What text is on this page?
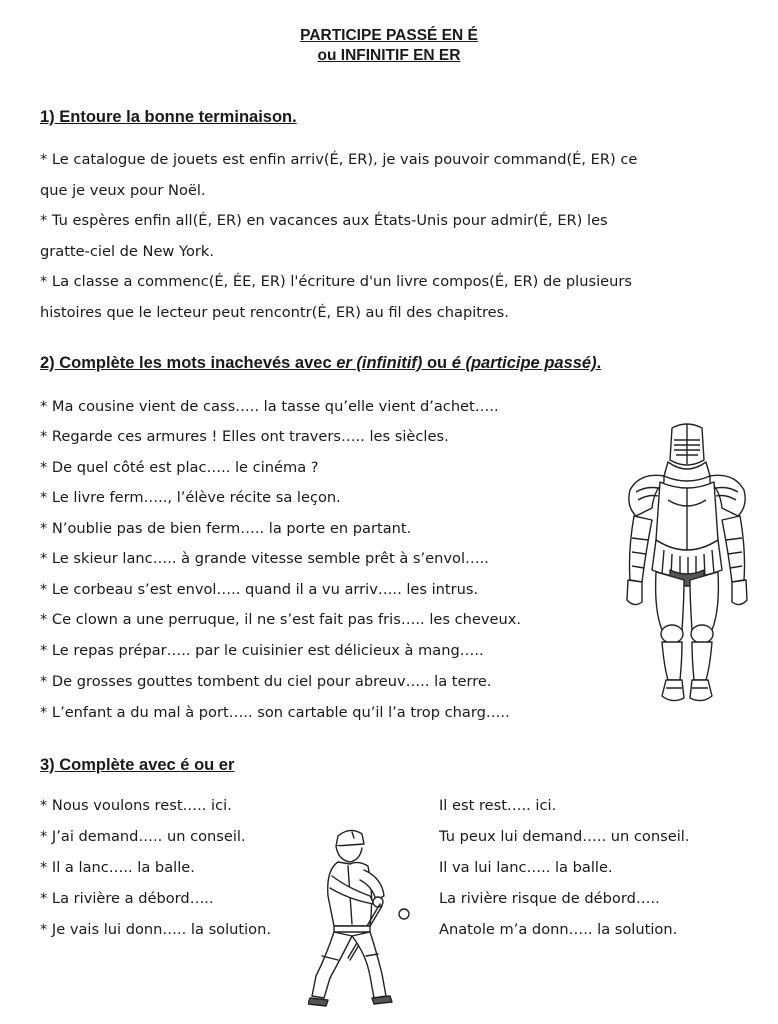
PARTICIPE PASSÉ EN É
ou INFINITIF EN ER
1) Entoure la bonne terminaison.
* Le catalogue de jouets est enfin arriv(É, ER), je vais pouvoir command(É, ER) ce
que je veux pour Noël.
* Tu espères enfin all(É, ER) en vacances aux États-Unis pour admir(É, ER) les
gratte-ciel de New York.
* La classe a commenc(É, ÉE, ER) l'écriture d'un livre compos(É, ER) de plusieurs
histoires que le lecteur peut rencontr(É, ER) au fil des chapitres.
2) Complète les mots inachevés avec er (infinitif) ou é (participe passé).
* Ma cousine vient de cass….. la tasse qu’elle vient d’achet…..
* Regarde ces armures ! Elles ont travers….. les siècles.
* De quel côté est plac….. le cinéma ?
* Le livre ferm….., l’élève récite sa leçon.
* N’oublie pas de bien ferm….. la porte en partant.
* Le skieur lanc….. à grande vitesse semble prêt à s’envol…..
* Le corbeau s’est envol….. quand il a vu arriv….. les intrus.
* Ce clown a une perruque, il ne s’est fait pas fris….. les cheveux.
* Le repas prépar….. par le cuisinier est délicieux à mang…..
* De grosses gouttes tombent du ciel pour abreuv….. la terre.
* L’enfant a du mal à port….. son cartable qu’il l’a trop charg…..
3) Complète avec é ou er
* Nous voulons rest….. ici.
* J’ai demand….. un conseil.
* Il a lanc….. la balle.
* La rivière a débord…..
* Je vais lui donn….. la solution.
Il est rest….. ici.
Tu peux lui demand….. un conseil.
Il va lui lanc….. la balle.
La rivière risque de débord…..
Anatole m’a donn….. la solution.
